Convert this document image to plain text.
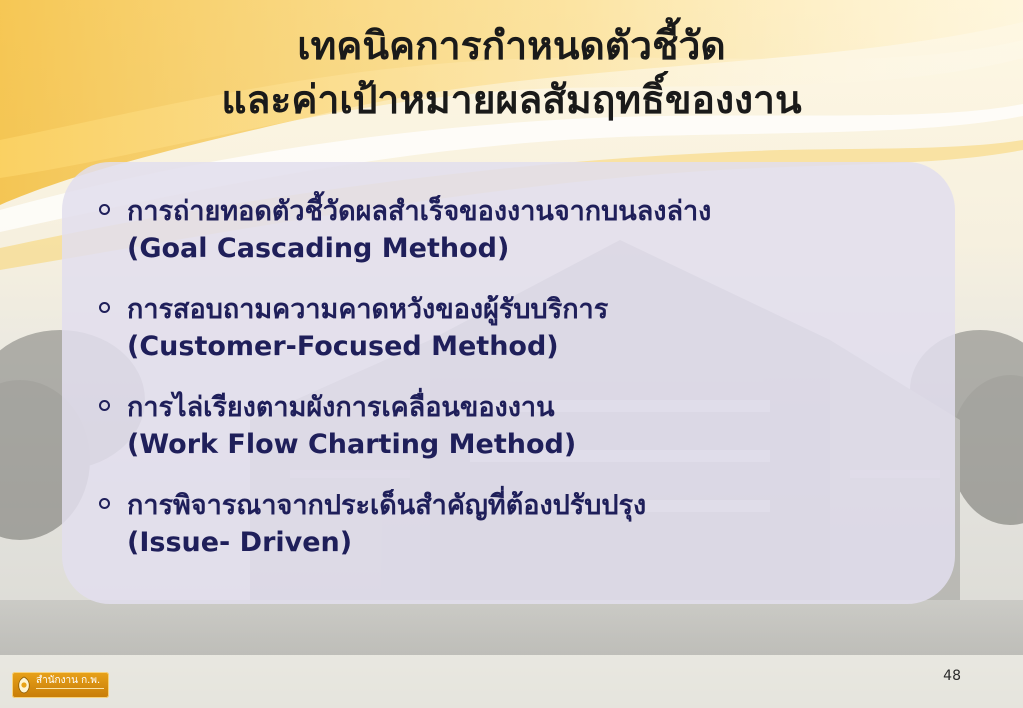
เทคนิคการกำหนดตัวชี้วัด
และค่าเป้าหมายผลสัมฤทธิ์ของงาน
การถ่ายทอดตัวชี้วัดผลสำเร็จของงานจากบนลงล่าง
(Goal Cascading Method)
การสอบถามความคาดหวังของผู้รับบริการ
(Customer-Focused Method)
การไล่เรียงตามผังการเคลื่อนของงาน
(Work Flow Charting Method)
การพิจารณาจากประเด็นสำคัญที่ต้องปรับปรุง
(Issue- Driven)
48
สำนักงาน ก.พ.
